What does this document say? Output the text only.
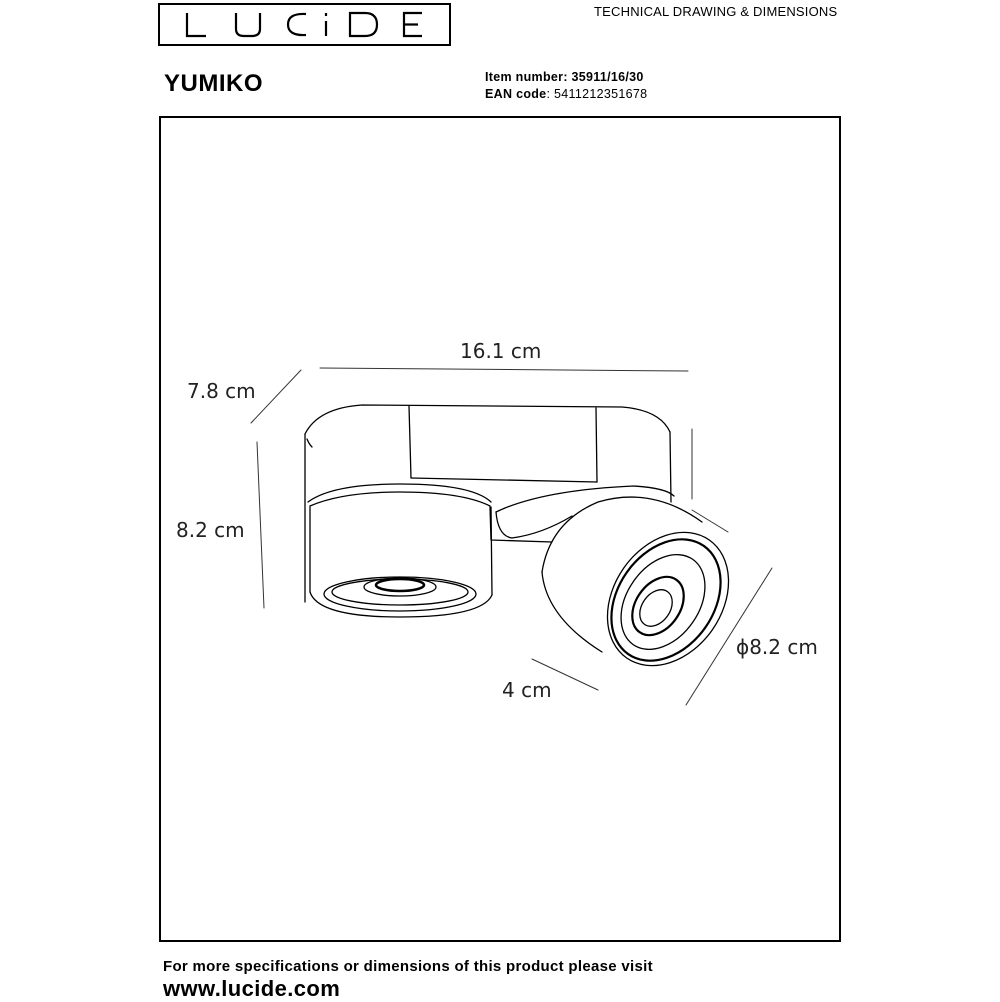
TECHNICAL DRAWING & DIMENSIONS
YUMIKO	Item number: 35911/16/30
EAN code: 5411212351678
16.1 cm
7.8 cm
8.2 cm
ϕ8.2 cm
4 cm
For more specifications or dimensions of this product please visit
www.lucide.com
